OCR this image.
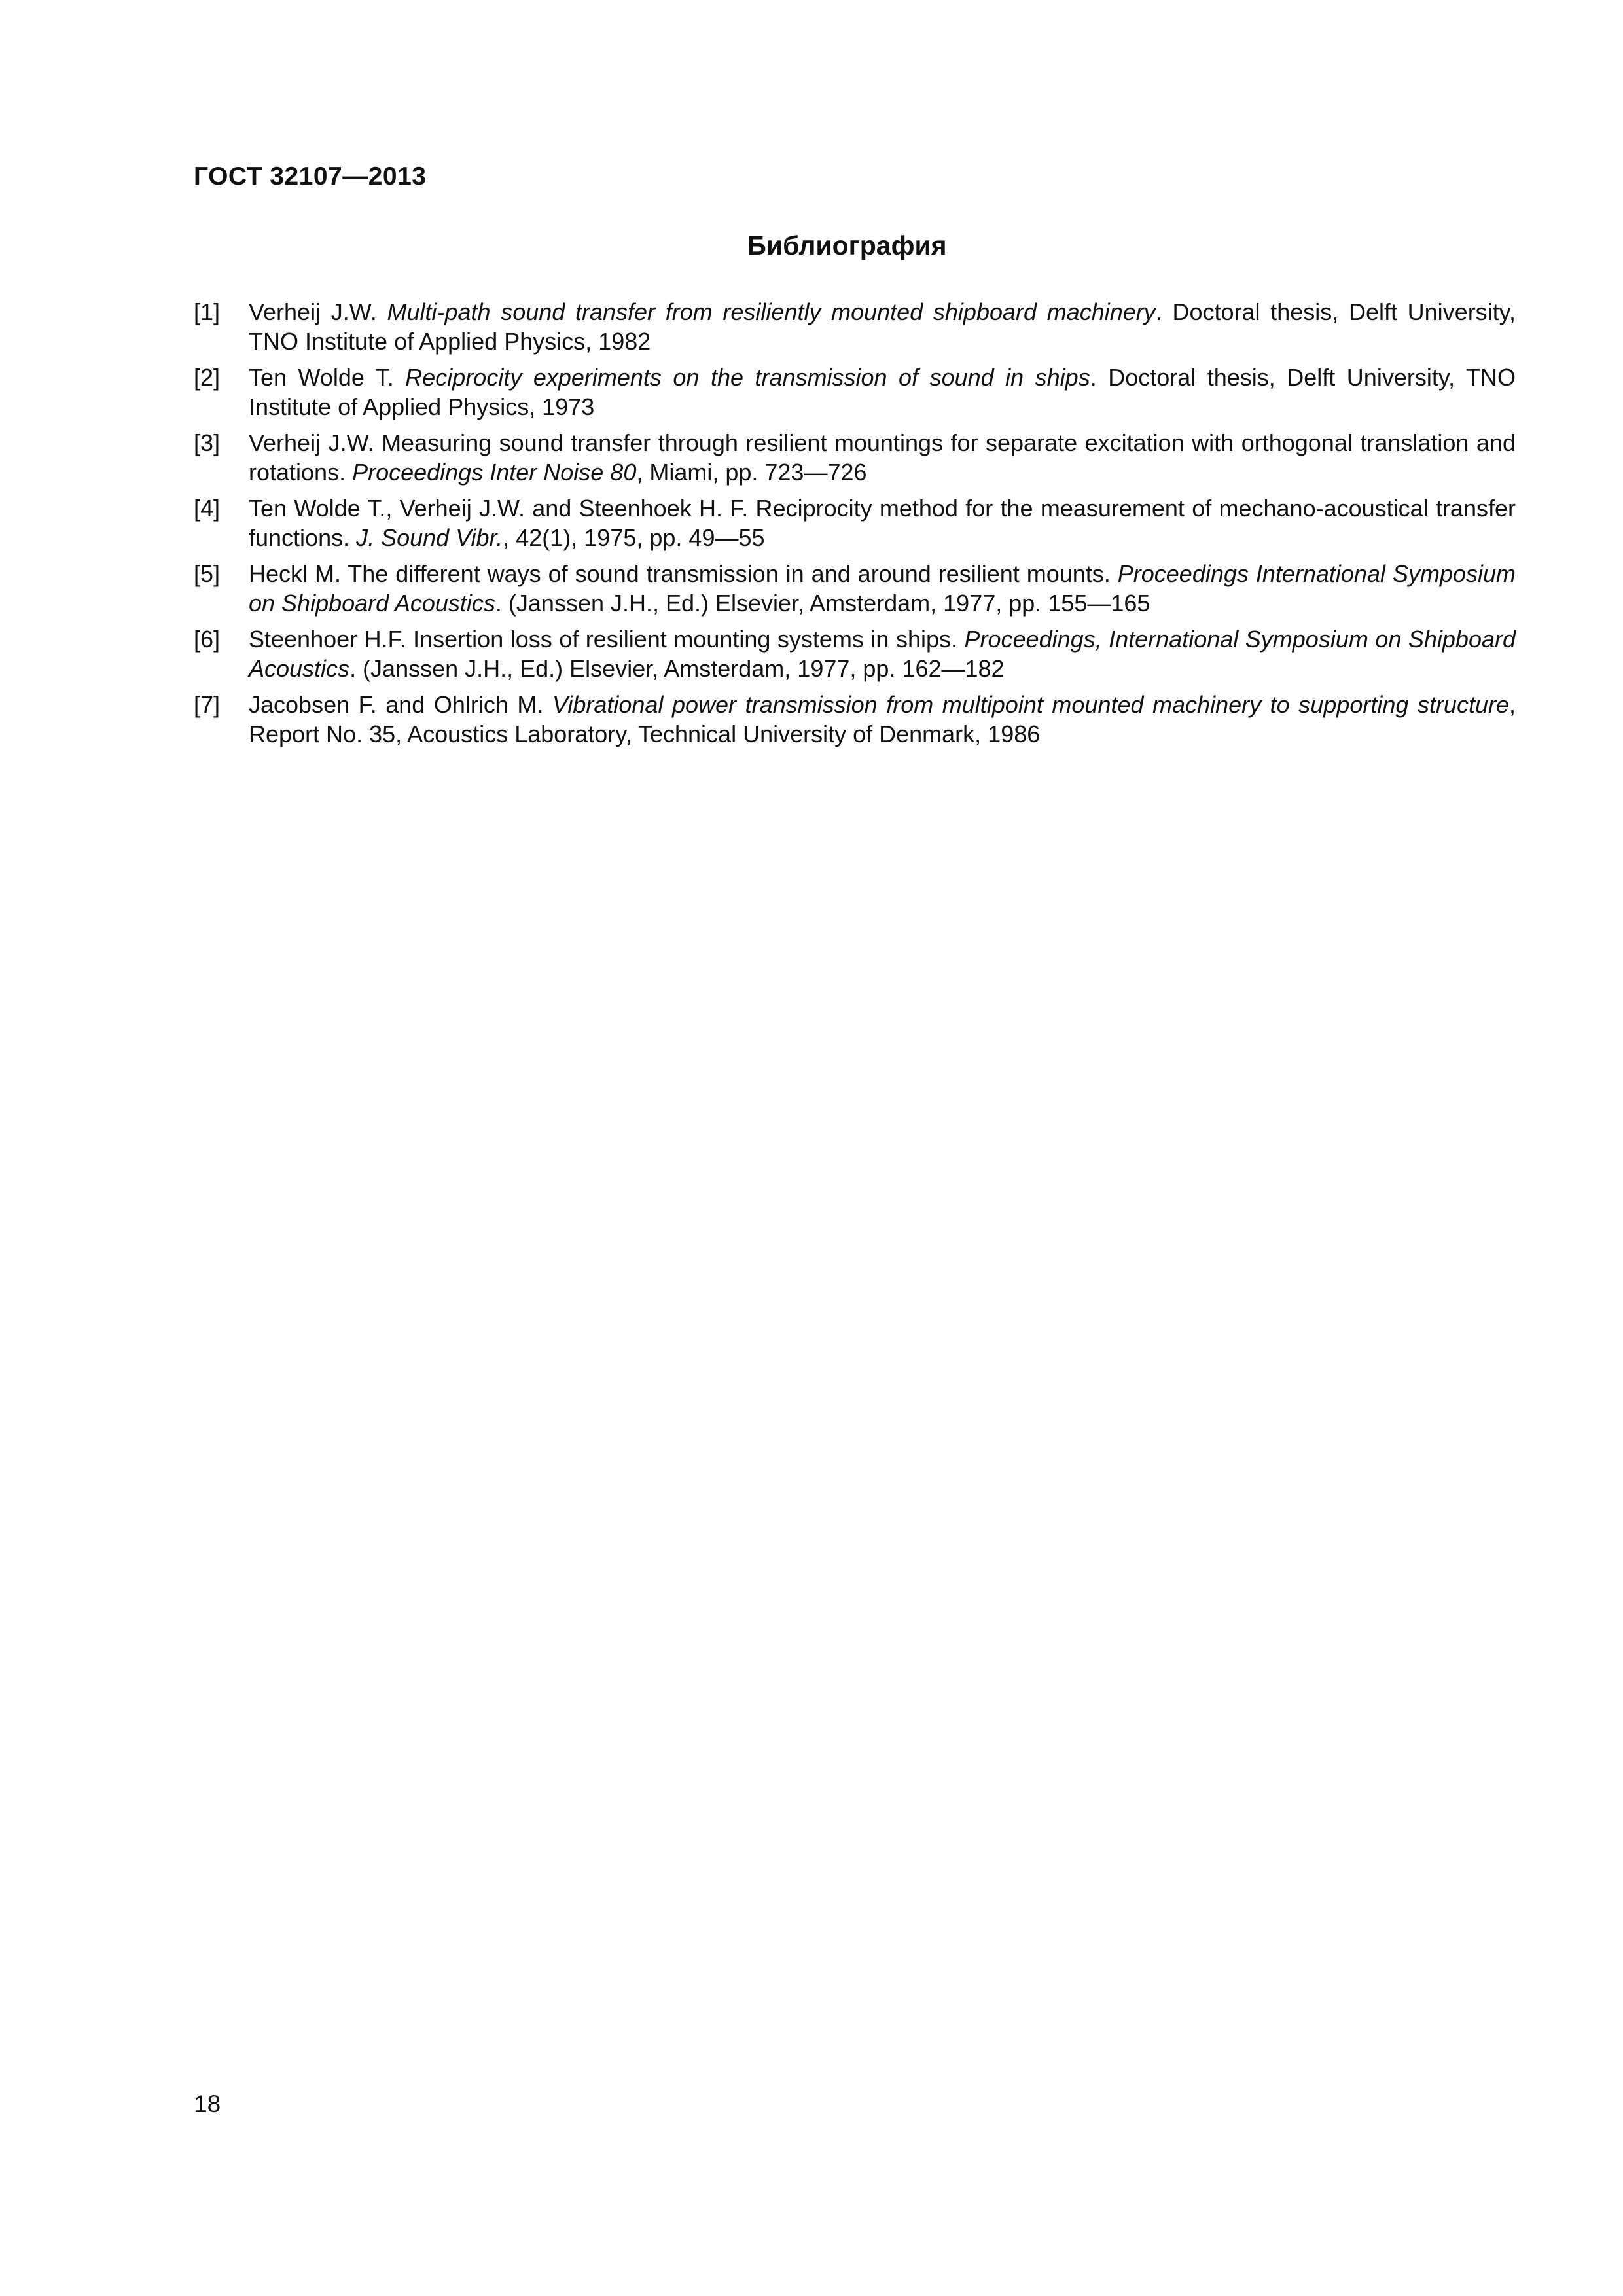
ГОСТ 32107—2013
Библиография
[1]	Verheij J.W. Multi-path sound transfer from resiliently mounted shipboard machinery. Doctoral thesis, Delft University, TNO Institute of Applied Physics, 1982
[2]	Ten Wolde T. Reciprocity experiments on the transmission of sound in ships. Doctoral thesis, Delft University, TNO Institute of Applied Physics, 1973
[3]	Verheij J.W. Measuring sound transfer through resilient mountings for separate excitation with orthogonal translation and rotations. Proceedings Inter Noise 80, Miami, pp. 723—726
[4]	Ten Wolde T., Verheij J.W. and Steenhoek H. F. Reciprocity method for the measurement of mechano-acoustical transfer functions. J. Sound Vibr., 42(1), 1975, pp. 49—55
[5]	Heckl M. The different ways of sound transmission in and around resilient mounts. Proceedings International Symposium on Shipboard Acoustics. (Janssen J.H., Ed.) Elsevier, Amsterdam, 1977, pp. 155—165
[6]	Steenhoer H.F. Insertion loss of resilient mounting systems in ships. Proceedings, International Symposium on Shipboard Acoustics. (Janssen J.H., Ed.) Elsevier, Amsterdam, 1977, pp. 162—182
[7]	Jacobsen F. and Ohlrich M. Vibrational power transmission from multipoint mounted machinery to supporting structure, Report No. 35, Acoustics Laboratory, Technical University of Denmark, 1986
18
